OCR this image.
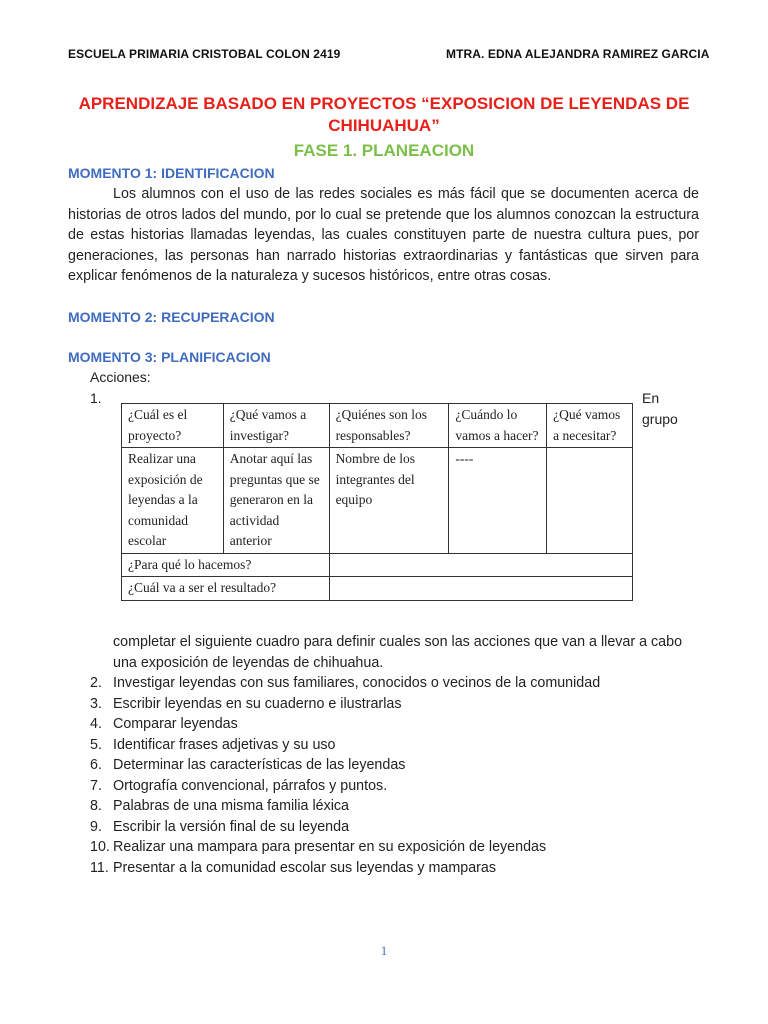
ESCUELA PRIMARIA CRISTOBAL COLON 2419	MTRA. EDNA ALEJANDRA RAMIREZ GARCIA
APRENDIZAJE BASADO EN PROYECTOS “EXPOSICION DE LEYENDAS DE
CHIHUAHUA”
FASE 1. PLANEACION
MOMENTO 1: IDENTIFICACION

Los alumnos con el uso de las redes sociales es más fácil que se documenten acerca de historias de otros lados del mundo, por lo cual se pretende que los alumnos conozcan la estructura de estas historias llamadas leyendas, las cuales constituyen parte de nuestra cultura pues, por generaciones, las personas han narrado historias extraordinarias y fantásticas que sirven para explicar fenómenos de la naturaleza y sucesos históricos, entre otras cosas.

MOMENTO 2: RECUPERACION
MOMENTO 3: PLANIFICACION
Acciones:
1.	En
grupo
¿Cuál es el proyecto?	¿Qué vamos a investigar?	¿Quiénes son los responsables?	¿Cuándo lo vamos a hacer?	¿Qué vamos a necesitar?
Realizar una exposición de leyendas a la comunidad escolar	Anotar aquí las preguntas que se generaron en la actividad anterior	Nombre de los integrantes del equipo	----	
¿Para qué lo hacemos?				
¿Cuál va a ser el resultado?				

completar el siguiente cuadro para definir cuales son las acciones que van a llevar a cabo una exposición de leyendas de chihuahua.

2. Investigar leyendas con sus familiares, conocidos o vecinos de la comunidad
3. Escribir leyendas en su cuaderno e ilustrarlas
4. Comparar leyendas
5. Identificar frases adjetivas y su uso
6. Determinar las características de las leyendas
7. Ortografía convencional, párrafos y puntos.
8. Palabras de una misma familia léxica
9. Escribir la versión final de su leyenda
10. Realizar una mampara para presentar en su exposición de leyendas
11. Presentar a la comunidad escolar sus leyendas y mamparas
1
